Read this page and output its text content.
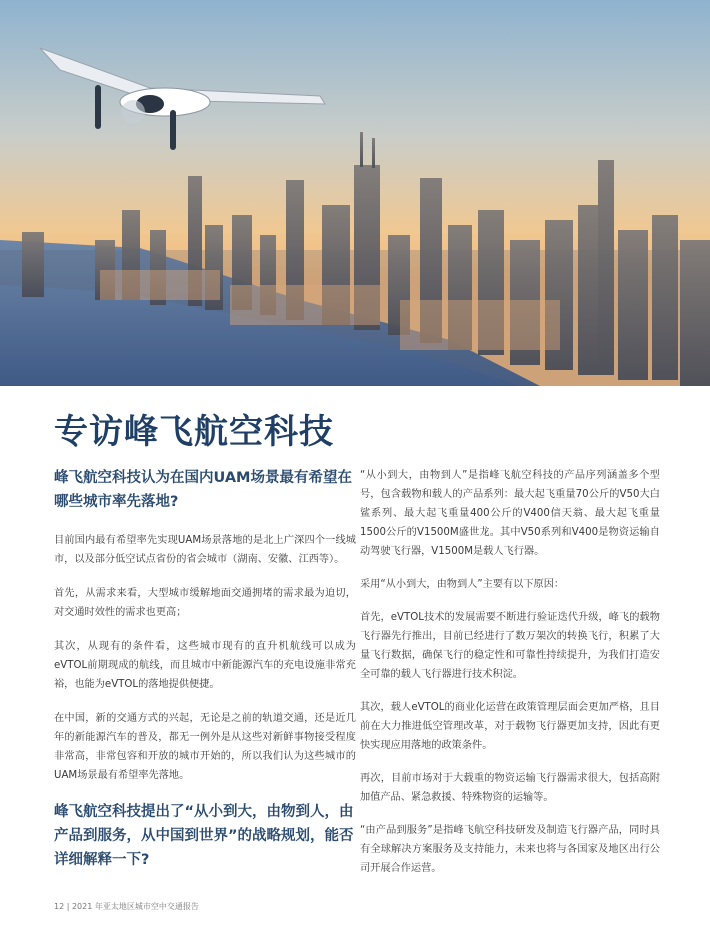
专访峰飞航空科技

峰飞航空科技认为在国内UAM场景最有希望在哪些城市率先落地?

目前国内最有希望率先实现UAM场景落地的是北上广深四个一线城市，以及部分低空试点省份的省会城市（湖南、安徽、江西等）。

首先，从需求来看，大型城市缓解地面交通拥堵的需求最为迫切，对交通时效性的需求也更高；

其次，从现有的条件看，这些城市现有的直升机航线可以成为eVTOL前期现成的航线，而且城市中新能源汽车的充电设施非常充裕，也能为eVTOL的落地提供便捷。

在中国，新的交通方式的兴起，无论是之前的轨道交通，还是近几年的新能源汽车的普及，都无一例外是从这些对新鲜事物接受程度非常高，非常包容和开放的城市开始的，所以我们认为这些城市的UAM场景最有希望率先落地。

峰飞航空科技提出了“从小到大，由物到人，由产品到服务，从中国到世界”的战略规划，能否详细解释一下?

“从小到大，由物到人”是指峰飞航空科技的产品序列涵盖多个型号，包含载物和载人的产品系列：最大起飞重量70公斤的V50大白鲨系列、最大起飞重量400公斤的V400信天翁、最大起飞重量1500公斤的V1500M盛世龙。其中V50系列和V400是物资运输自动驾驶飞行器，V1500M是载人飞行器。

采用“从小到大，由物到人”主要有以下原因：

首先，eVTOL技术的发展需要不断进行验证迭代升级，峰飞的载物飞行器先行推出，目前已经进行了数万架次的转换飞行，积累了大量飞行数据，确保飞行的稳定性和可靠性持续提升，为我们打造安全可靠的载人飞行器进行技术积淀。

其次，载人eVTOL的商业化运营在政策管理层面会更加严格，且目前在大力推进低空管理改革，对于载物飞行器更加支持，因此有更快实现应用落地的政策条件。

再次，目前市场对于大载重的物资运输飞行器需求很大，包括高附加值产品、紧急救援、特殊物资的运输等。

“由产品到服务”是指峰飞航空科技研发及制造飞行器产品，同时具有全球解决方案服务及支持能力，未来也将与各国家及地区出行公司开展合作运营。

12 | 2021 年亚太地区城市空中交通报告
